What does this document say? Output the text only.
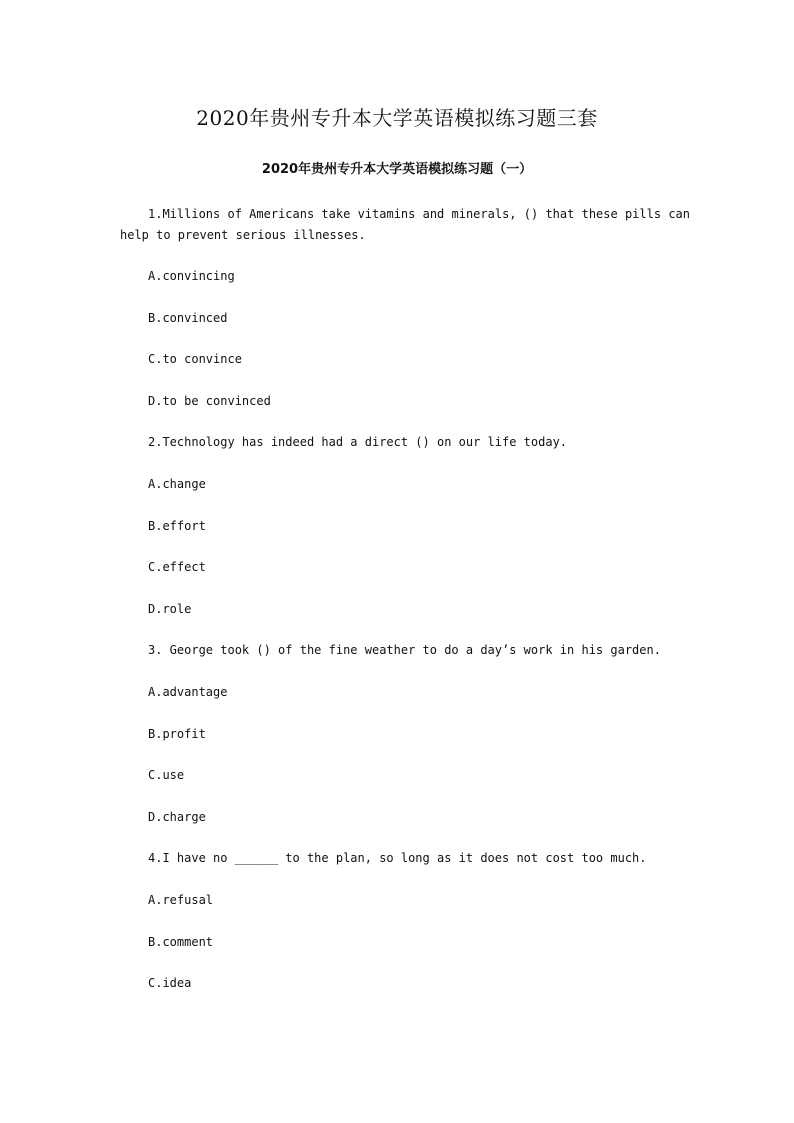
2020年贵州专升本大学英语模拟练习题三套
2020年贵州专升本大学英语模拟练习题（一）
1.Millions of Americans take vitamins and minerals, () that these pills can help to prevent serious illnesses.
A.convincing
B.convinced
C.to convince
D.to be convinced
2.Technology has indeed had a direct () on our life today.
A.change
B.effort
C.effect
D.role
3. George took () of the fine weather to do a day’s work in his garden.
A.advantage
B.profit
C.use
D.charge
4.I have no ______ to the plan, so long as it does not cost too much.
A.refusal
B.comment
C.idea
